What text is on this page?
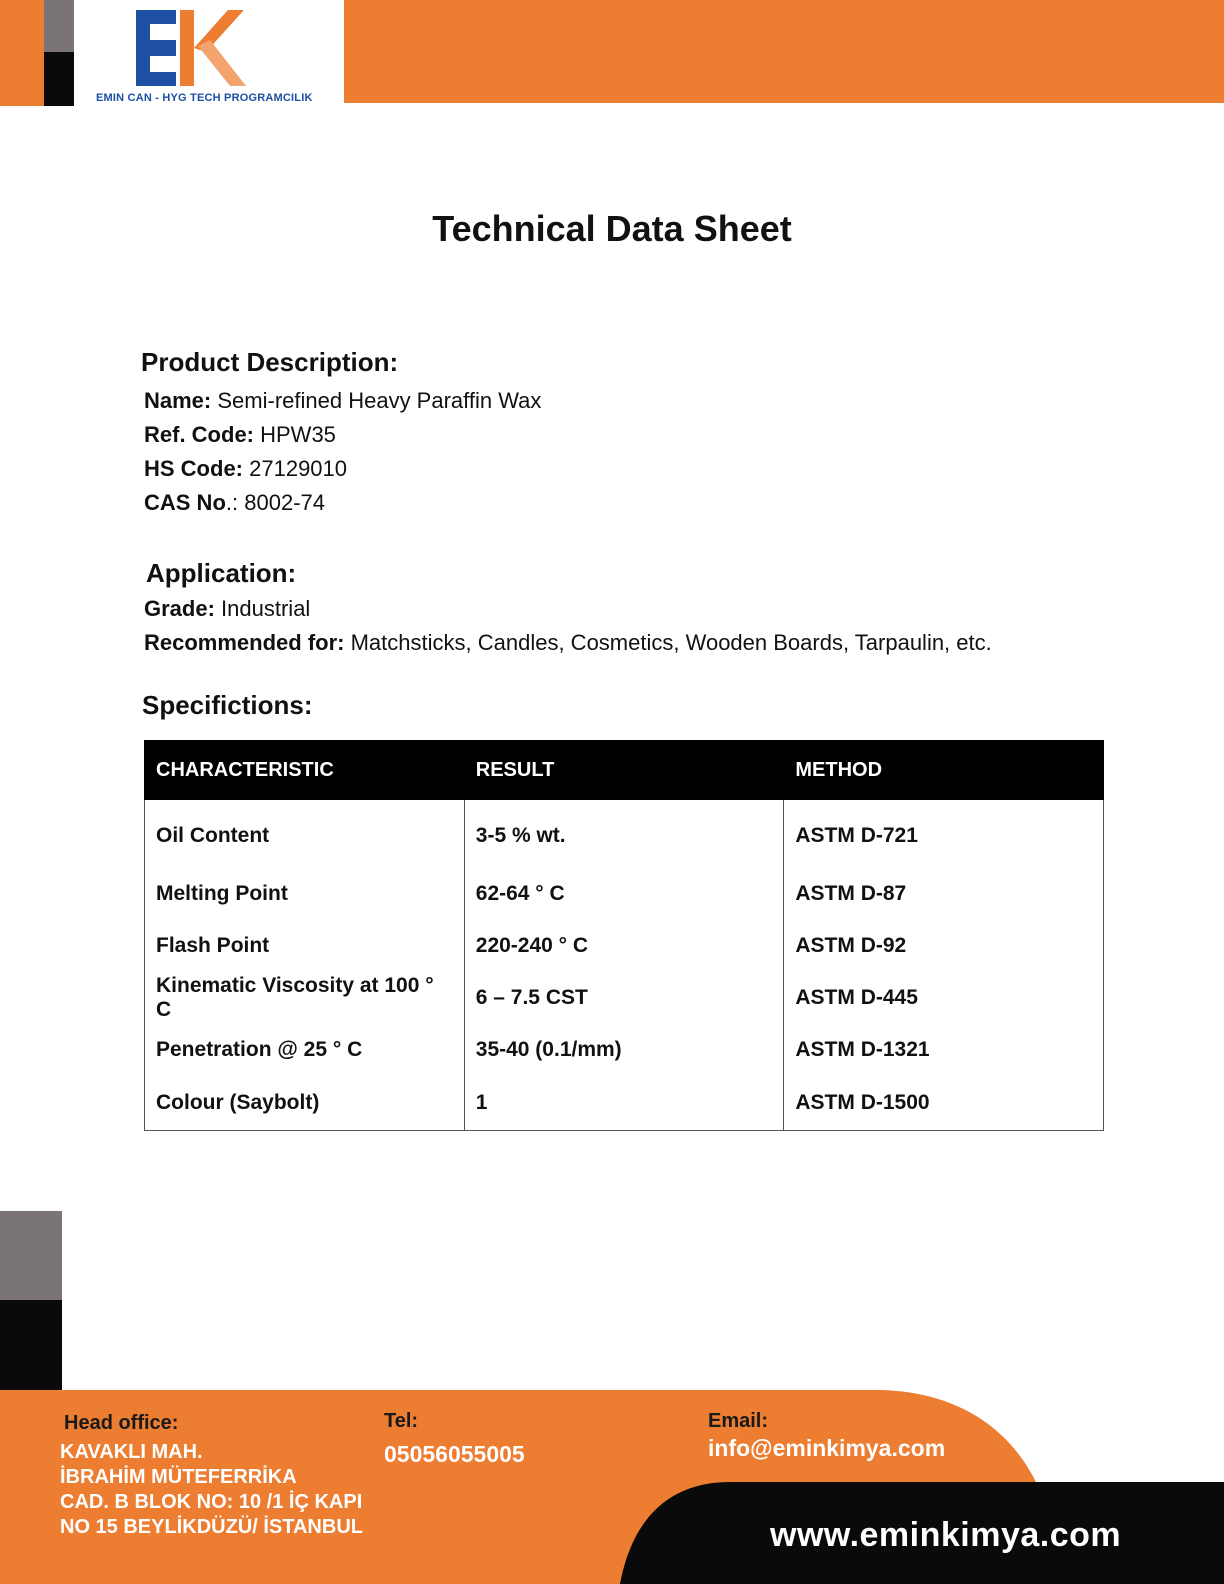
EMIN CAN - HYG TECH PROGRAMCILIK
Technical Data Sheet
Product Description:
Name: Semi-refined Heavy Paraffin Wax
Ref. Code: HPW35
HS Code: 27129010
CAS No.: 8002-74
Application:
Grade: Industrial
Recommended for: Matchsticks, Candles, Cosmetics, Wooden Boards, Tarpaulin, etc.
Specifictions:
CHARACTERISTIC	RESULT	METHOD
Oil Content	3-5 % wt.	ASTM D-721
Melting Point	62-64 ° C	ASTM D-87
Flash Point	220-240 ° C	ASTM D-92
Kinematic Viscosity at 100 ° C	6 – 7.5 CST	ASTM D-445
Penetration @ 25 ° C	35-40 (0.1/mm)	ASTM D-1321
Colour (Saybolt)	1	ASTM D-1500
Head office:
KAVAKLI MAH.
İBRAHİM MÜTEFERRİKA
CAD. B BLOK NO: 10 /1 İÇ KAPI
NO 15 BEYLİKDÜZÜ/ İSTANBUL
Tel:
05056055005
Email:
info@eminkimya.com
www.eminkimya.com
